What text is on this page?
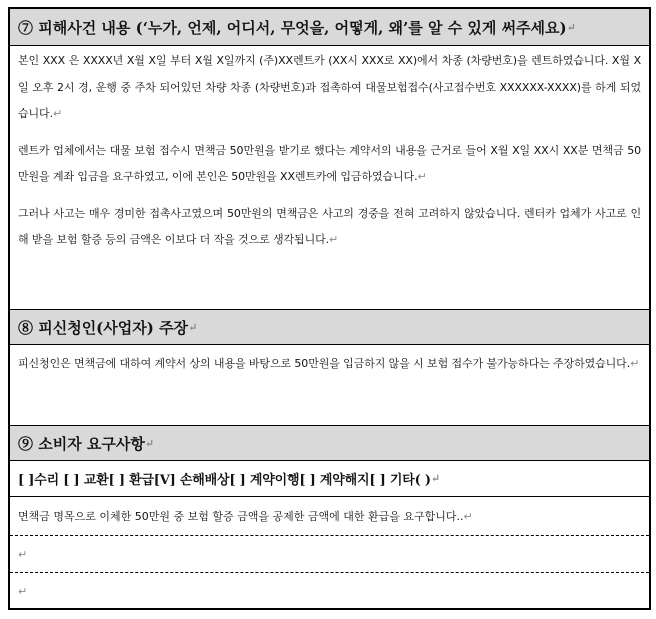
⑦ 피해사건 내용 (‘누가, 언제, 어디서, 무엇을, 어떻게, 왜’를 알 수 있게 써주세요) ↵

본인 XXX 은 XXXX년 X월 X일 부터 X월 X일까지 (주)XX렌트카 (XX시 XXX로 XX)에서 차종 (차량번호)을 렌트하였습니다. X월 X일 오후 2시 경, 운행 중 주차 되어있던 차량 차종 (차량번호)과 접촉하여 대물보험접수(사고접수번호 XXXXXX-XXXX)를 하게 되었습니다.↵

렌트카 업체에서는 대물 보험 접수시 면책금 50만원을 받기로 했다는 계약서의 내용을 근거로 들어 X월 X일 XX시 XX분 면책금 50만원을 계좌 입금을 요구하였고, 이에 본인은 50만원을 XX렌트카에 입금하였습니다.↵

그러나 사고는 매우 경미한 접촉사고였으며 50만원의 면책금은 사고의 경중을 전혀 고려하지 않았습니다. 렌터카 업체가 사고로 인해 받을 보험 할증 등의 금액은 이보다 더 작을 것으로 생각됩니다.↵

⑧ 피신청인(사업자) 주장 ↵

피신청인은 면책금에 대하여 계약서 상의 내용을 바탕으로 50만원을 입금하지 않을 시 보험 접수가 불가능하다는 주장하였습니다.↵

⑨ 소비자 요구사항 ↵
[ ]수리 [ ] 교환[ ] 환급[V] 손해배상[ ] 계약이행[ ] 계약해지[ ] 기타( ) ↵
면책금 명목으로 이체한 50만원 중 보험 할증 금액을 공제한 금액에 대한 환급을 요구합니다.. ↵
↵
↵
